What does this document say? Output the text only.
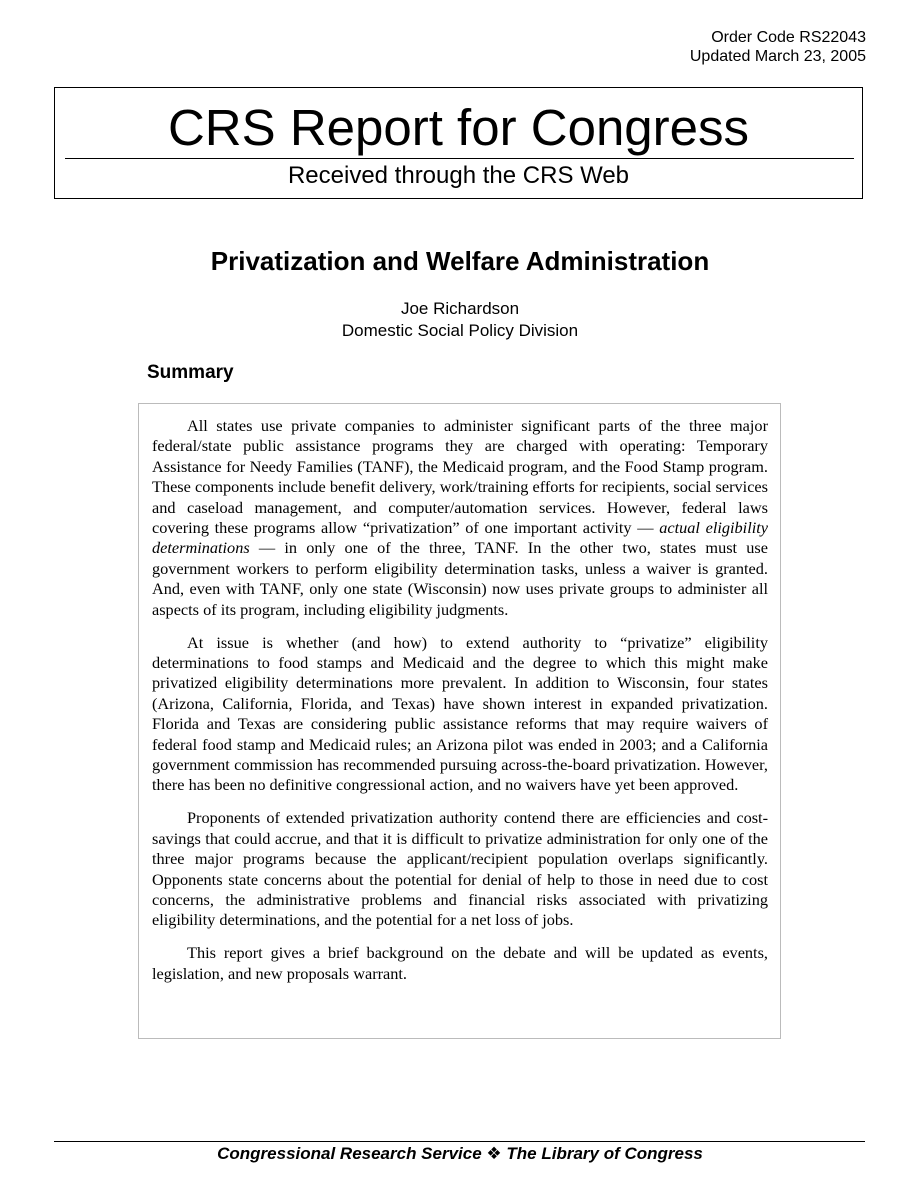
Order Code RS22043
Updated March 23, 2005
CRS Report for Congress
Received through the CRS Web
Privatization and Welfare Administration
Joe Richardson
Domestic Social Policy Division
Summary

All states use private companies to administer significant parts of the three major federal/state public assistance programs they are charged with operating: Temporary Assistance for Needy Families (TANF), the Medicaid program, and the Food Stamp program. These components include benefit delivery, work/training efforts for recipients, social services and caseload management, and computer/automation services. However, federal laws covering these programs allow “privatization” of one important activity — actual eligibility determinations — in only one of the three, TANF. In the other two, states must use government workers to perform eligibility determination tasks, unless a waiver is granted. And, even with TANF, only one state (Wisconsin) now uses private groups to administer all aspects of its program, including eligibility judgments.

At issue is whether (and how) to extend authority to “privatize” eligibility determinations to food stamps and Medicaid and the degree to which this might make privatized eligibility determinations more prevalent. In addition to Wisconsin, four states (Arizona, California, Florida, and Texas) have shown interest in expanded privatization. Florida and Texas are considering public assistance reforms that may require waivers of federal food stamp and Medicaid rules; an Arizona pilot was ended in 2003; and a California government commission has recommended pursuing across-the-board privatization. However, there has been no definitive congressional action, and no waivers have yet been approved.

Proponents of extended privatization authority contend there are efficiencies and cost-savings that could accrue, and that it is difficult to privatize administration for only one of the three major programs because the applicant/recipient population overlaps significantly. Opponents state concerns about the potential for denial of help to those in need due to cost concerns, the administrative problems and financial risks associated with privatizing eligibility determinations, and the potential for a net loss of jobs.

This report gives a brief background on the debate and will be updated as events, legislation, and new proposals warrant.

Congressional Research Service ❖ The Library of Congress
